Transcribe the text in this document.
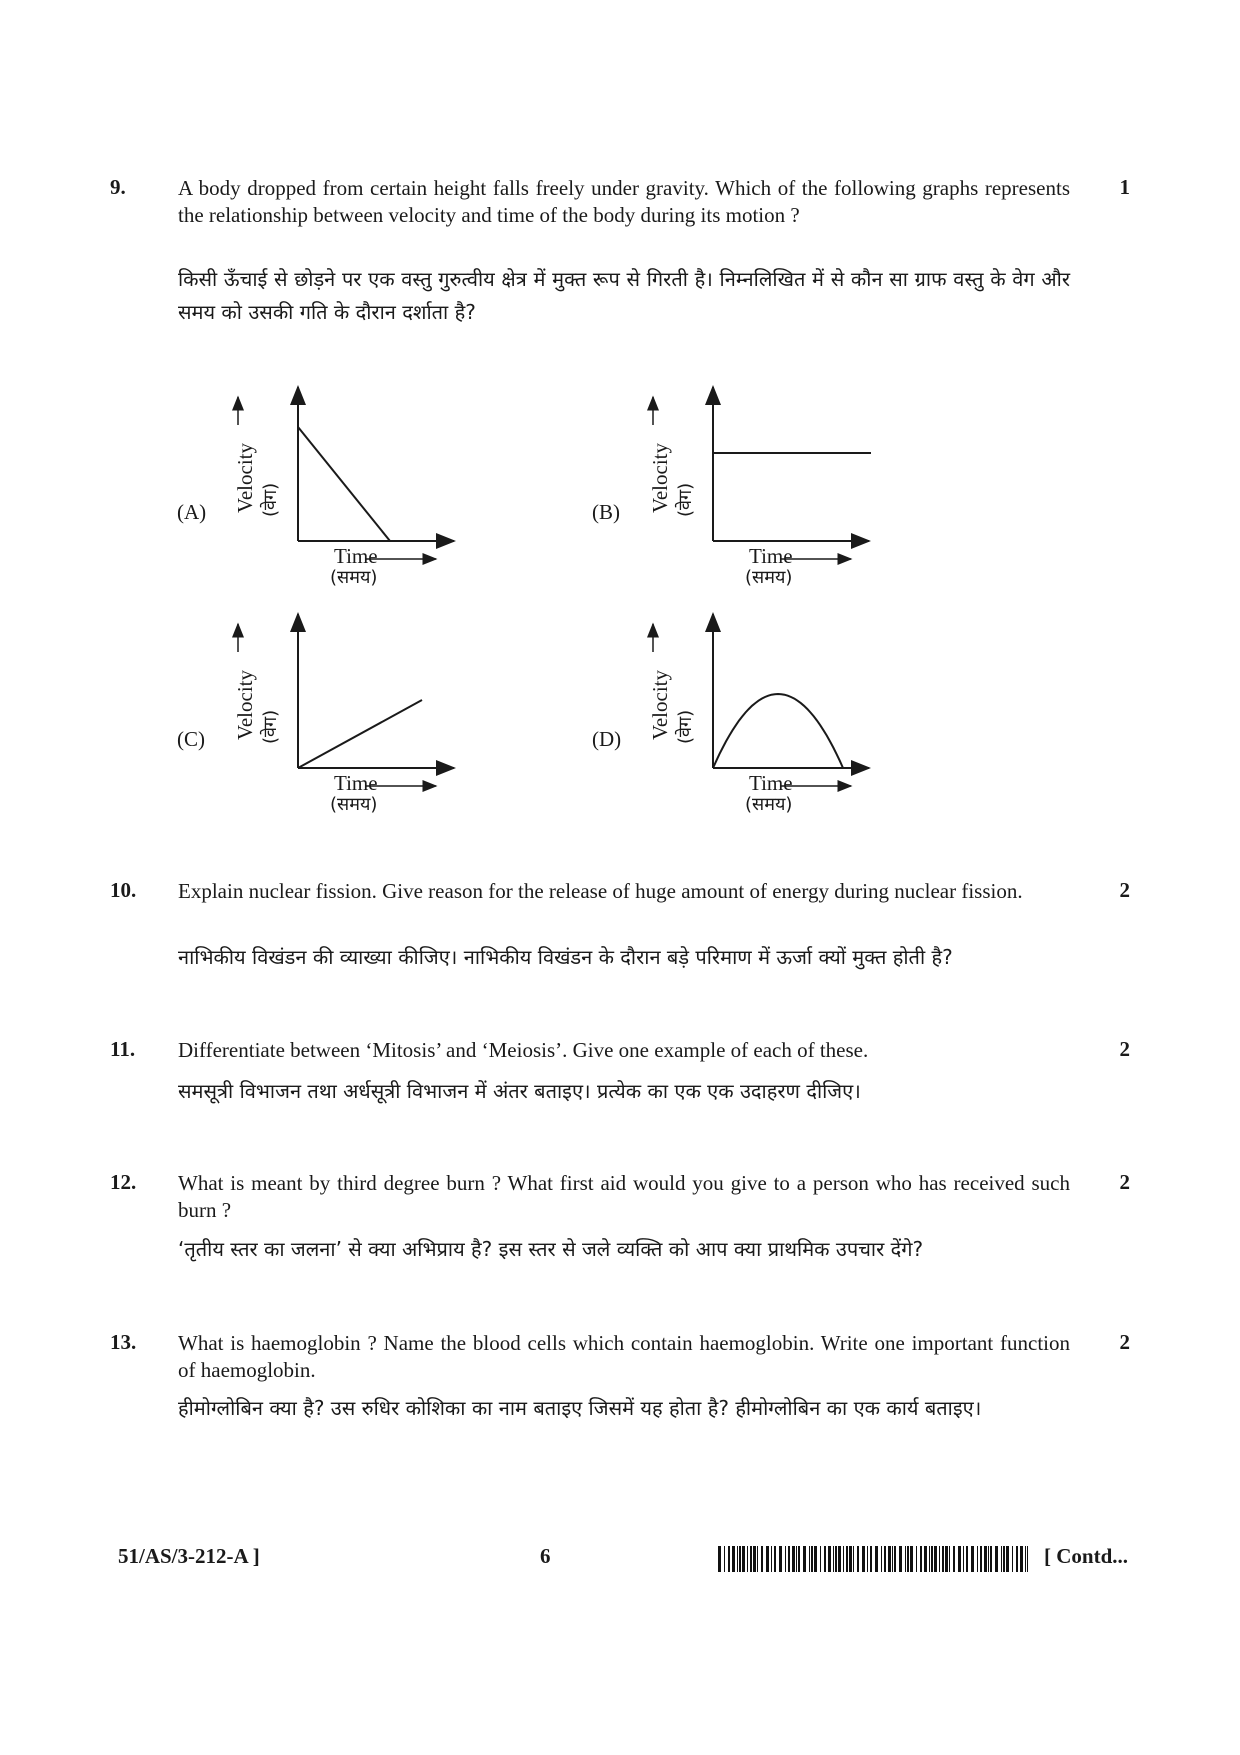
9. A body dropped from certain height falls freely under gravity. Which of the following graphs represents the relationship between velocity and time of the body during its motion ?
किसी ऊँचाई से छोड़ने पर एक वस्तु गुरुत्वीय क्षेत्र में मुक्त रूप से गिरती है। निम्नलिखित में से कौन सा ग्राफ वस्तु के वेग और समय को उसकी गति के दौरान दर्शाता है?
1
(A) Velocity (वेग)
Time
(समय)
(B) Velocity (वेग)
Time
(समय)
(C) Velocity (वेग)
Time
(समय)
(D) Velocity (वेग)
Time
(समय)
10. Explain nuclear fission. Give reason for the release of huge amount of energy during nuclear fission.
नाभिकीय विखंडन की व्याख्या कीजिए। नाभिकीय विखंडन के दौरान बड़े परिमाण में ऊर्जा क्यों मुक्त होती है?
2
11. Differentiate between ‘Mitosis’ and ‘Meiosis’. Give one example of each of these.
समसूत्री विभाजन तथा अर्धसूत्री विभाजन में अंतर बताइए। प्रत्येक का एक एक उदाहरण दीजिए।
2
12. What is meant by third degree burn ? What first aid would you give to a person who has received such burn ?
‘तृतीय स्तर का जलना’ से क्या अभिप्राय है? इस स्तर से जले व्यक्ति को आप क्या प्राथमिक उपचार देंगे?
2
13. What is haemoglobin ? Name the blood cells which contain haemoglobin. Write one important function of haemoglobin.
हीमोग्लोबिन क्या है? उस रुधिर कोशिका का नाम बताइए जिसमें यह होता है? हीमोग्लोबिन का एक कार्य बताइए।
2
51/AS/3-212-A ]	6	[ Contd...
